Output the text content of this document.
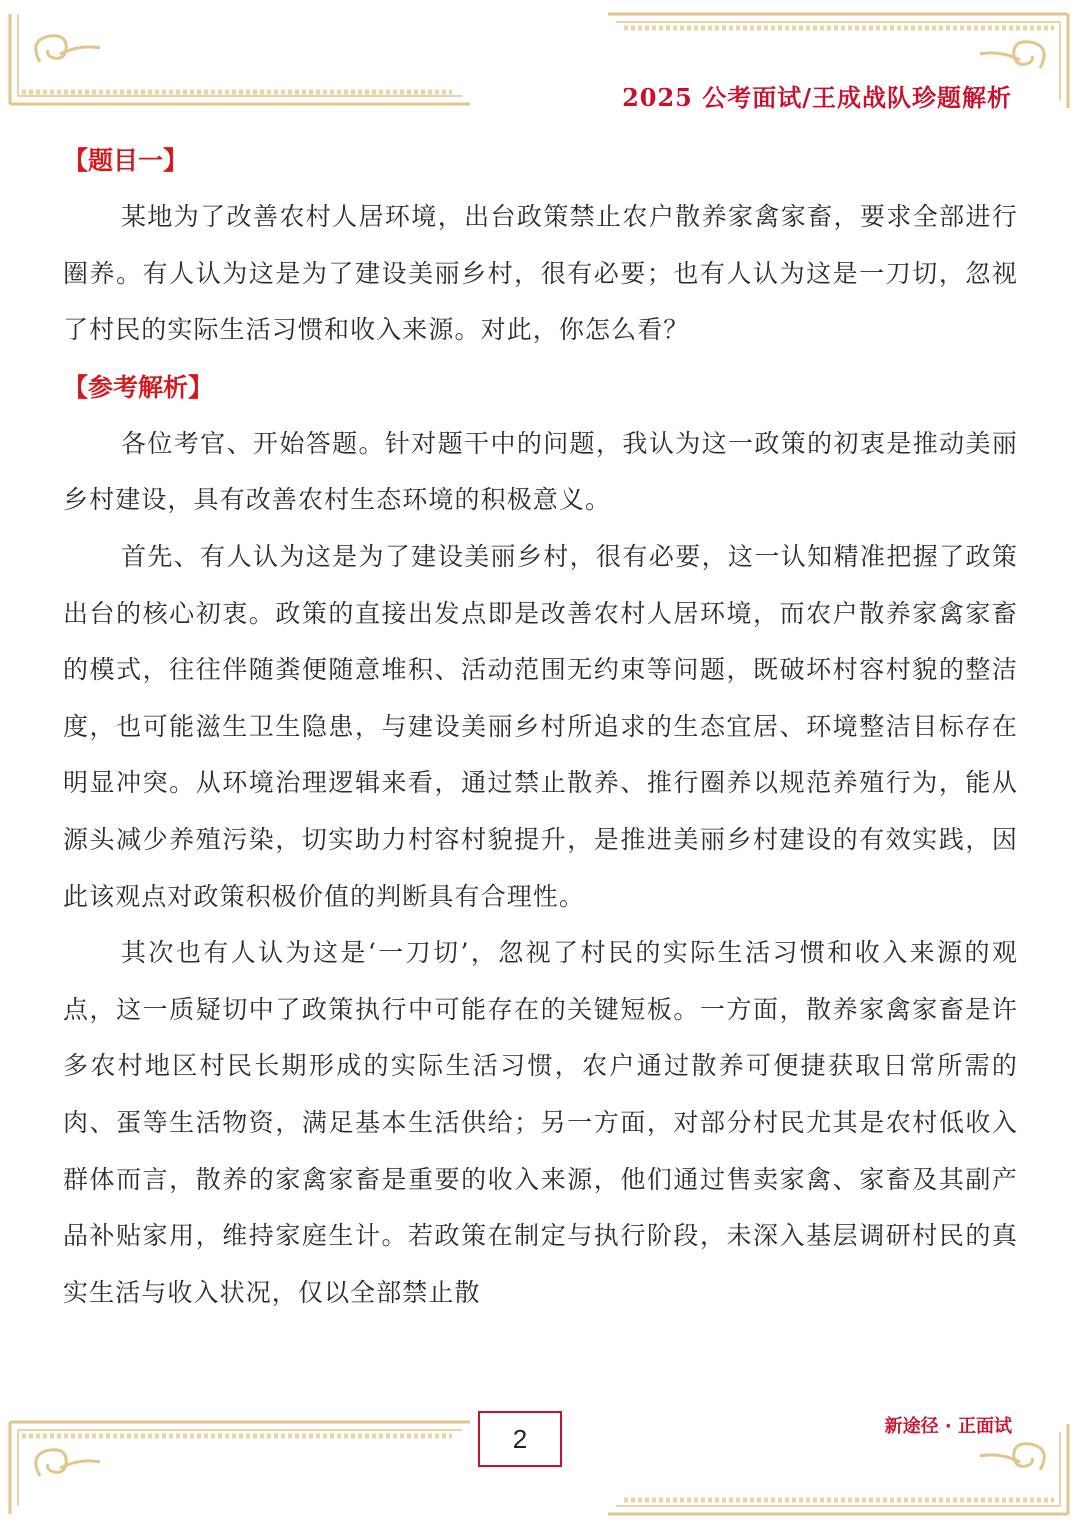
2025 公考面试/王成战队珍题解析
【题目一】

某地为了改善农村人居环境，出台政策禁止农户散养家禽家畜，要求全部进行圈养。有人认为这是为了建设美丽乡村，很有必要；也有人认为这是一刀切，忽视了村民的实际生活习惯和收入来源。对此，你怎么看？

【参考解析】

各位考官、开始答题。针对题干中的问题，我认为这一政策的初衷是推动美丽乡村建设，具有改善农村生态环境的积极意义。

首先、有人认为这是为了建设美丽乡村，很有必要，这一认知精准把握了政策出台的核心初衷。政策的直接出发点即是改善农村人居环境，而农户散养家禽家畜的模式，往往伴随粪便随意堆积、活动范围无约束等问题，既破坏村容村貌的整洁度，也可能滋生卫生隐患，与建设美丽乡村所追求的生态宜居、环境整洁目标存在明显冲突。从环境治理逻辑来看，通过禁止散养、推行圈养以规范养殖行为，能从源头减少养殖污染，切实助力村容村貌提升，是推进美丽乡村建设的有效实践，因此该观点对政策积极价值的判断具有合理性。

其次也有人认为这是‘一刀切’，忽视了村民的实际生活习惯和收入来源的观点，这一质疑切中了政策执行中可能存在的关键短板。一方面，散养家禽家畜是许多农村地区村民长期形成的实际生活习惯，农户通过散养可便捷获取日常所需的肉、蛋等生活物资，满足基本生活供给；另一方面，对部分村民尤其是农村低收入群体而言，散养的家禽家畜是重要的收入来源，他们通过售卖家禽、家畜及其副产品补贴家用，维持家庭生计。若政策在制定与执行阶段，未深入基层调研村民的真实生活与收入状况，仅以全部禁止散

2	新途径 · 正面试
